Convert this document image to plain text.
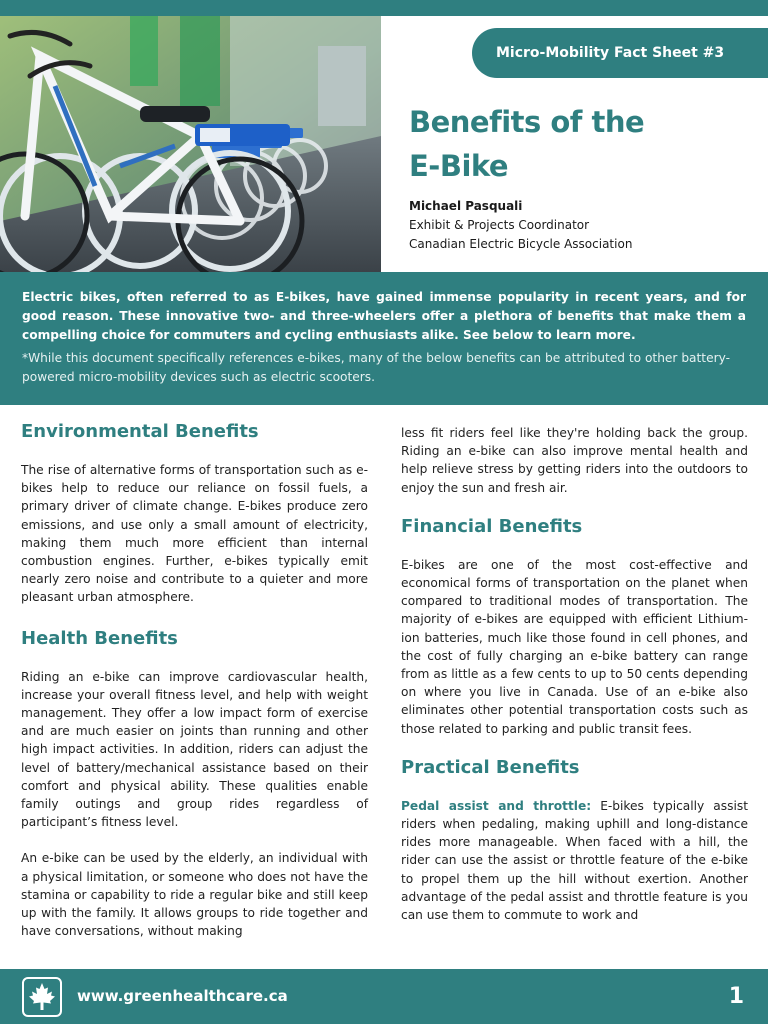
Micro-Mobility Fact Sheet #3
Benefits of the
E-Bike
Michael Pasquali
Exhibit & Projects Coordinator
Canadian Electric Bicycle Association

Electric bikes, often referred to as E-bikes, have gained immense popularity in recent years, and for good reason. These innovative two- and three-wheelers offer a plethora of benefits that make them a compelling choice for commuters and cycling enthusiasts alike. See below to learn more.

*While this document specifically references e-bikes, many of the below benefits can be attributed to other battery-powered micro-mobility devices such as electric scooters.

Environmental Benefits

The rise of alternative forms of transportation such as e-bikes help to reduce our reliance on fossil fuels, a primary driver of climate change. E-bikes produce zero emissions, and use only a small amount of electricity, making them much more efficient than internal combustion engines. Further, e-bikes typically emit nearly zero noise and contribute to a quieter and more pleasant urban atmosphere.

Health Benefits

Riding an e-bike can improve cardiovascular health, increase your overall fitness level, and help with weight management. They offer a low impact form of exercise and are much easier on joints than running and other high impact activities. In addition, riders can adjust the level of battery/mechanical assistance based on their comfort and physical ability. These qualities enable family outings and group rides regardless of participant’s fitness level.

An e-bike can be used by the elderly, an individual with a physical limitation, or someone who does not have the stamina or capability to ride a regular bike and still keep up with the family. It allows groups to ride together and have conversations, without making

less fit riders feel like they're holding back the group. Riding an e-bike can also improve mental health and help relieve stress by getting riders into the outdoors to enjoy the sun and fresh air.

Financial Benefits

E-bikes are one of the most cost-effective and economical forms of transportation on the planet when compared to traditional modes of transportation. The majority of e-bikes are equipped with efficient Lithium-ion batteries, much like those found in cell phones, and the cost of fully charging an e-bike battery can range from as little as a few cents to up to 50 cents depending on where you live in Canada. Use of an e-bike also eliminates other potential transportation costs such as those related to parking and public transit fees.

Practical Benefits

Pedal assist and throttle: E-bikes typically assist riders when pedaling, making uphill and long-distance rides more manageable. When faced with a hill, the rider can use the assist or throttle feature of the e-bike to propel them up the hill without exertion. Another advantage of the pedal assist and throttle feature is you can use them to commute to work and

www.greenhealthcare.ca	1
